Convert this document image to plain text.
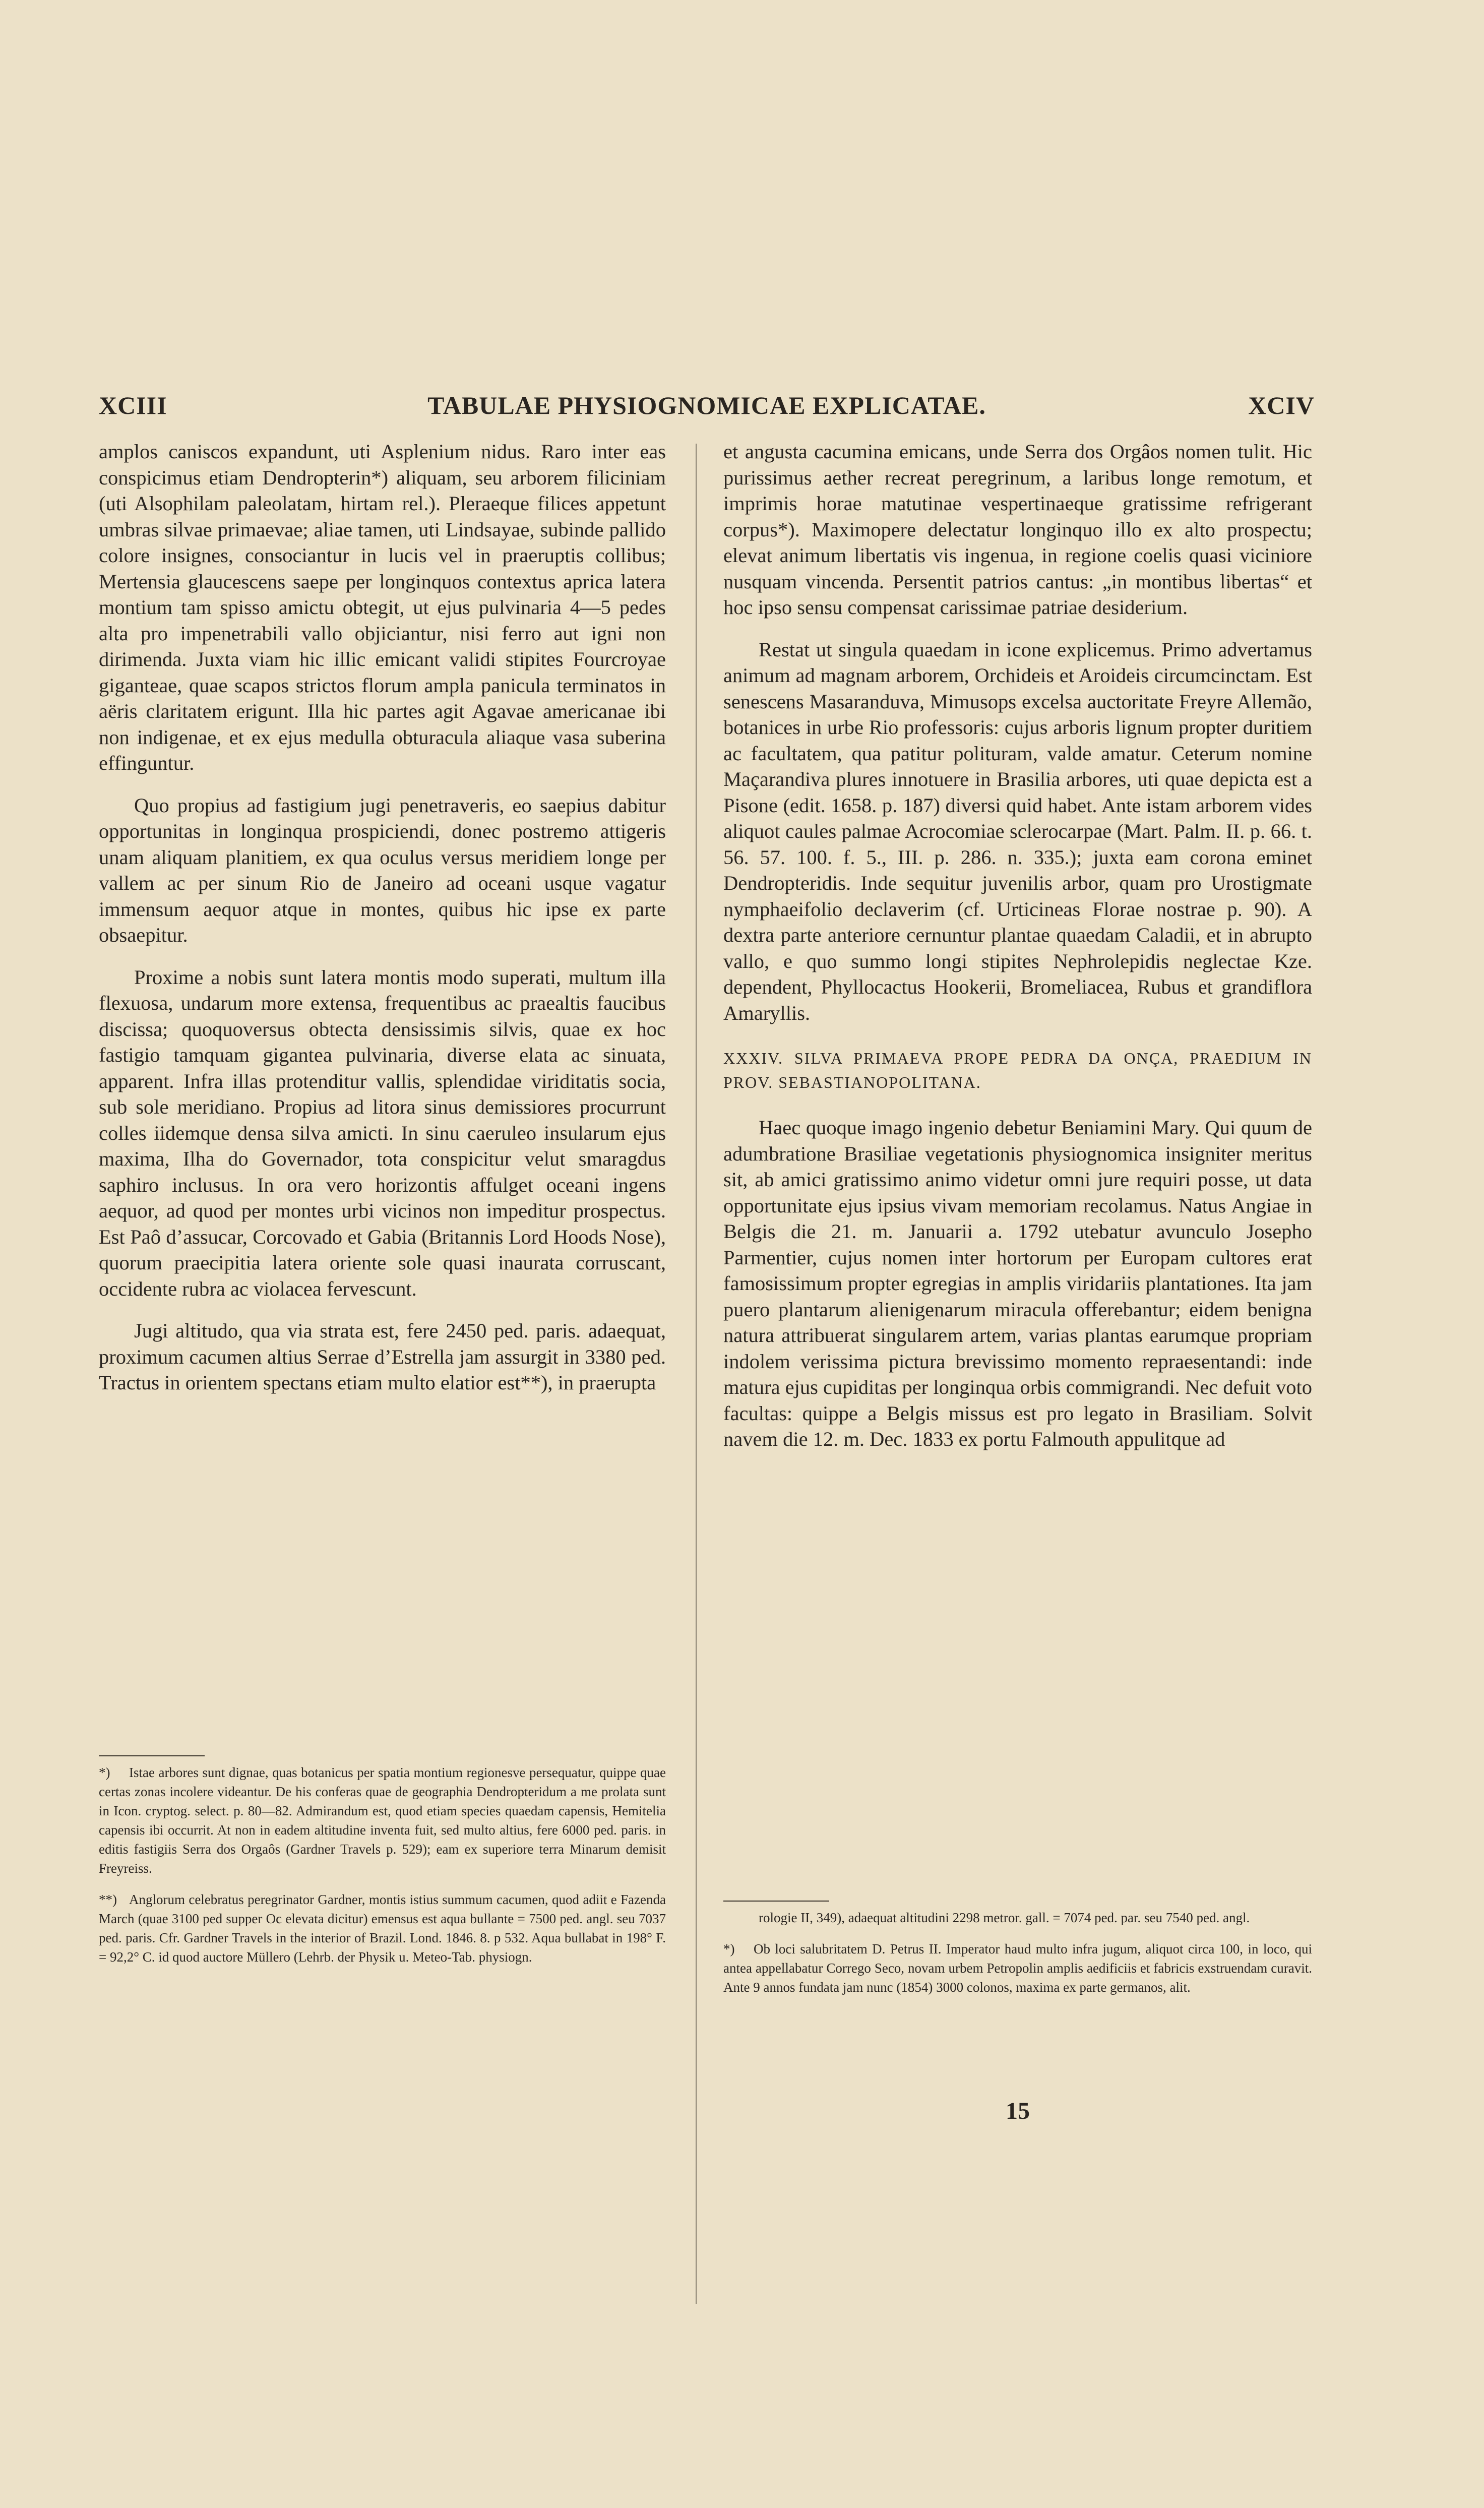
XCIII	TABULAE PHYSIOGNOMICAE EXPLICATAE.	XCIV

amplos caniscos expandunt, uti Asplenium nidus. Raro inter eas conspicimus etiam Dendropterin*) aliquam, seu arborem filiciniam (uti Alsophilam paleolatam, hirtam rel.). Pleraeque filices appetunt umbras silvae primaevae; aliae tamen, uti Lindsayae, subinde pallido colore insignes, consociantur in lucis vel in praeruptis collibus; Mertensia glaucescens saepe per longinquos contextus aprica latera montium tam spisso amictu obtegit, ut ejus pulvinaria 4—5 pedes alta pro impenetrabili vallo objiciantur, nisi ferro aut igni non dirimenda. Juxta viam hic illic emicant validi stipites Fourcroyae giganteae, quae scapos strictos florum ampla panicula terminatos in aëris claritatem erigunt. Illa hic partes agit Agavae americanae ibi non indigenae, et ex ejus medulla obturacula aliaque vasa suberina effinguntur.

Quo propius ad fastigium jugi penetraveris, eo saepius dabitur opportunitas in longinqua prospiciendi, donec postremo attigeris unam aliquam planitiem, ex qua oculus versus meridiem longe per vallem ac per sinum Rio de Janeiro ad oceani usque vagatur immensum aequor atque in montes, quibus hic ipse ex parte obsaepitur.

Proxime a nobis sunt latera montis modo superati, multum illa flexuosa, undarum more extensa, frequentibus ac praealtis faucibus discissa; quoquoversus obtecta densissimis silvis, quae ex hoc fastigio tamquam gigantea pulvinaria, diverse elata ac sinuata, apparent. Infra illas protenditur vallis, splendidae viriditatis socia, sub sole meridiano. Propius ad litora sinus demissiores procurrunt colles iidemque densa silva amicti. In sinu caeruleo insularum ejus maxima, Ilha do Governador, tota conspicitur velut smaragdus saphiro inclusus. In ora vero horizontis affulget oceani ingens aequor, ad quod per montes urbi vicinos non impeditur prospectus. Est Paô d’assucar, Corcovado et Gabia (Britannis Lord Hoods Nose), quorum praecipitia latera oriente sole quasi inaurata corruscant, occidente rubra ac violacea fervescunt.

Jugi altitudo, qua via strata est, fere 2450 ped. paris. adaequat, proximum cacumen altius Serrae d’Estrella jam assurgit in 3380 ped. Tractus in orientem spectans etiam multo elatior est**), in praerupta

et angusta cacumina emicans, unde Serra dos Orgâos nomen tulit. Hic purissimus aether recreat peregrinum, a laribus longe remotum, et imprimis horae matutinae vespertinaeque gratissime refrigerant corpus*). Maximopere delectatur longinquo illo ex alto prospectu; elevat animum libertatis vis ingenua, in regione coelis quasi viciniore nusquam vincenda. Persentit patrios cantus: „in montibus libertas“ et hoc ipso sensu compensat carissimae patriae desiderium.

Restat ut singula quaedam in icone explicemus. Primo advertamus animum ad magnam arborem, Orchideis et Aroideis circumcinctam. Est senescens Masaranduva, Mimusops excelsa auctoritate Freyre Allemão, botanices in urbe Rio professoris: cujus arboris lignum propter duritiem ac facultatem, qua patitur polituram, valde amatur. Ceterum nomine Maçarandiva plures innotuere in Brasilia arbores, uti quae depicta est a Pisone (edit. 1658. p. 187) diversi quid habet. Ante istam arborem vides aliquot caules palmae Acrocomiae sclerocarpae (Mart. Palm. II. p. 66. t. 56. 57. 100. f. 5., III. p. 286. n. 335.); juxta eam corona eminet Dendropteridis. Inde sequitur juvenilis arbor, quam pro Urostigmate nymphaeifolio declaverim (cf. Urticineas Florae nostrae p. 90). A dextra parte anteriore cernuntur plantae quaedam Caladii, et in abrupto vallo, e quo summo longi stipites Nephrolepidis neglectae Kze. dependent, Phyllocactus Hookerii, Bromeliacea, Rubus et grandiflora Amaryllis.

XXXIV. SILVA PRIMAEVA PROPE PEDRA DA ONÇA, PRAEDIUM IN PROV. SEBASTIANOPOLITANA.

Haec quoque imago ingenio debetur Beniamini Mary. Qui quum de adumbratione Brasiliae vegetationis physiognomica insigniter meritus sit, ab amici gratissimo animo videtur omni jure requiri posse, ut data opportunitate ejus ipsius vivam memoriam recolamus. Natus Angiae in Belgis die 21. m. Januarii a. 1792 utebatur avunculo Josepho Parmentier, cujus nomen inter hortorum per Europam cultores erat famosissimum propter egregias in amplis viridariis plantationes. Ita jam puero plantarum alienigenarum miracula offerebantur; eidem benigna natura attribuerat singularem artem, varias plantas earumque propriam indolem verissima pictura brevissimo momento repraesentandi: inde matura ejus cupiditas per longinqua orbis commigrandi. Nec defuit voto facultas: quippe a Belgis missus est pro legato in Brasiliam. Solvit navem die 12. m. Dec. 1833 ex portu Falmouth appulitque ad

*) Istae arbores sunt dignae, quas botanicus per spatia montium regionesve persequatur, quippe quae certas zonas incolere videantur. De his conferas quae de geographia Dendropteridum a me prolata sunt in Icon. cryptog. select. p. 80—82. Admirandum est, quod etiam species quaedam capensis, Hemitelia capensis ibi occurrit. At non in eadem altitudine inventa fuit, sed multo altius, fere 6000 ped. paris. in editis fastigiis Serra dos Orgaôs (Gardner Travels p. 529); eam ex superiore terra Minarum demisit Freyreiss.

**) Anglorum celebratus peregrinator Gardner, montis istius summum cacumen, quod adiit e Fazenda March (quae 3100 ped supper Oc elevata dicitur) emensus est aqua bullante = 7500 ped. angl. seu 7037 ped. paris. Cfr. Gardner Travels in the interior of Brazil. Lond. 1846. 8. p 532. Aqua bullabat in 198° F. = 92,2° C. id quod auctore Müllero (Lehrb. der Physik u. Meteo-Tab. physiogn.

rologie II, 349), adaequat altitudini 2298 metror. gall. = 7074 ped. par. seu 7540 ped. angl.

*) Ob loci salubritatem D. Petrus II. Imperator haud multo infra jugum, aliquot circa 100, in loco, qui antea appellabatur Corrego Seco, novam urbem Petropolin amplis aedificiis et fabricis exstruendam curavit. Ante 9 annos fundata jam nunc (1854) 3000 colonos, maxima ex parte germanos, alit.

15
